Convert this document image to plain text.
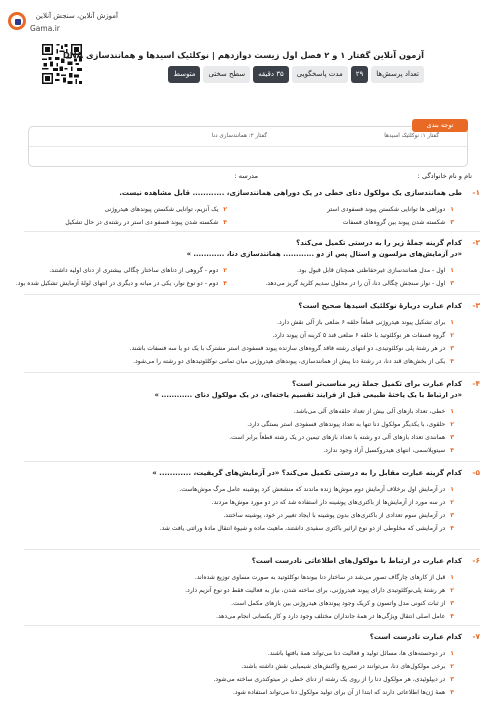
آموزش آنلاین، سنجش آنلاین
Gama.ir
آزمون آنلاین گفتار ۱ و ۲ فصل اول زیست دوازدهم | نوکلئیک اسیدها و همانندسازی DNA
تعداد پرسش‌ها
۲۹
مدت پاسخگویی
۳۵ دقیقه
سطح سختی
متوسط
گفتار ۱: نوکلئیک اسیدها
گفتار ۲: همانندسازی دنا
توجه بندی
نام و نام خانوادگی :
مدرسه :
۱-
طی همانندسازی یک مولکول دنای خطی در یک دوراهی همانندسازی، ............ قابل مشاهده نیست.
۱دوراهی ها توانایی شکستن پیوند فسفودی استر
۲یک آنزیم، توانایی شکستن پیوندهای هیدروژنی
۳شکسته شدن پیوند بین گروه‌های فسفات
۴شکسته شدن پیوند فسفو دی استر در رشته‌ی در حال تشکیل
۲-
کدام گزینه جملهٔ زیر را به درستی تکمیل می‌کند؟
«در آزمایش‌های مزلسون و استال پس از دو ............ همانندسازی دنا، ............ »
۱اول - مدل همانندسازی غیرحفاظتی همچنان قابل قبول بود.
۲دوم - گروهی از دناهای ساختار چگالی بیشتری از دنای اولیه داشتند.
۳اول - نوار سنجش چگالی دنا، آن را در محلول سدیم کلرید گریز می‌دهد.
۴دوم - دو نوع نوار، یکی در میانه و دیگری در انتهای لولهٔ آزمایش تشکیل شده بود.
۳-
کدام عبارت دربارهٔ نوکلئیک اسیدها صحیح است؟
۱برای تشکیل پیوند هیدروژنی قطعاً حلقه ۶ ضلعی باز آلی نقش دارد.
۲گروه فسفات هر نوکلئوتید با حلقه ۶ ضلعی قند ۵ کربنه آن پیوند دارد.
۳در هر رشتهٔ پلی نوکلئوتیدی، دو انتهای رشته فاقد گروه‌های سازنده پیوند فسفودی استر مشترک با یک دو یا سه فسفات باشند.
۴یکی از بخش‌های قند دنا، در رشتهٔ دنا پیش از همانندسازی، پیوندهای هیدروژنی میان تمامی نوکلئوتیدهای دو رشته را می‌شود.
۴-
کدام عبارت برای تکمیل جملهٔ زیر مناسب‌تر است؟
«در ارتباط با یک یاختهٔ طبیعی قبل از فرایند تقسیم یاخته‌ای، در یک مولکول دنای ............ »
۱خطی، تعداد بازهای آلی بیش از تعداد حلقه‌های آلی می‌باشد.
۲حلقوی، با یکدیگر مولکول دنا تنها به تعداد پیوندهای فسفودی استر بستگی دارد.
۳همانندی تعداد بازهای آلی دو رشته با تعداد بازهای تیمین در یک رشته قطعاً برابر است.
۴سیتوپلاسمی، انتهای هیدروکسیل آزاد وجود ندارد.
۵-
کدام گزینه عبارت مقابل را به درستی تکمیل می‌کند؟ «در آزمایش‌های گریفیت، ............ »
۱در آزمایش اول برخلاف آزمایش دوم موش‌ها زنده ماندند که منشعش کرد پوشینه عامل مرگ موش‌هاست.
۲در سه مورد از آزمایش‌ها از باکتری‌های پوشینه دار استفاده شد که در دو مورد موش‌ها مردند.
۳در آزمایش سوم تعدادی از باکتری‌های بدون پوشینه با ایجاد تغییر در خود، پوشینه ساختند.
۴در آزمایشی که مخلوطی از دو نوع اراثیر باکتری سفیدی داشتند، ماهیت ماده و شیوهٔ انتقال مادهٔ وراثتی یافت شد.
۶-
کدام عبارت در ارتباط با مولکول‌های اطلاعاتی نادرست است؟
۱قبل از کارهای چارگاف تصور می‌شد در ساختار دنا بیوندها نوکلئوتید به صورت مساوی توزیع شده‌اند.
۲هر رشتهٔ پلی‌نوکلئوتیدی دارای پیوند هیدروژنی، برای ساخته شدن، نیاز به فعالیت فقط دو نوع آنزیم دارد.
۳از ثبات کنونی مدل واتسون و کریک وجود پیوندهای هیدروژنی بین بازهای مکمل است.
۴عامل اصلی انتقال ویژگی‌ها در همهٔ جانداران مختلف وجود دارد و کار یکسانی انجام می‌دهد.
۷-
کدام عبارت نادرست است؟
۱در دوحسته‌های ها، مسائل تولید و فعالیت دنا می‌تواند همهٔ بافتها باشند.
۲برخی مولکول‌های دنا، می‌توانند در تسریع واکنش‌های شیمیایی نقش داشته باشند.
۳در دیپلوئیدی، هر مولکول دنا را از روی یک رشته از دنای خطی در میتوکندری ساخته می‌شود.
۴همهٔ ژن‌ها اطلاعاتی دارند که ابتدا از آن برای تولید مولکول دنا می‌تواند استفاده شود.
